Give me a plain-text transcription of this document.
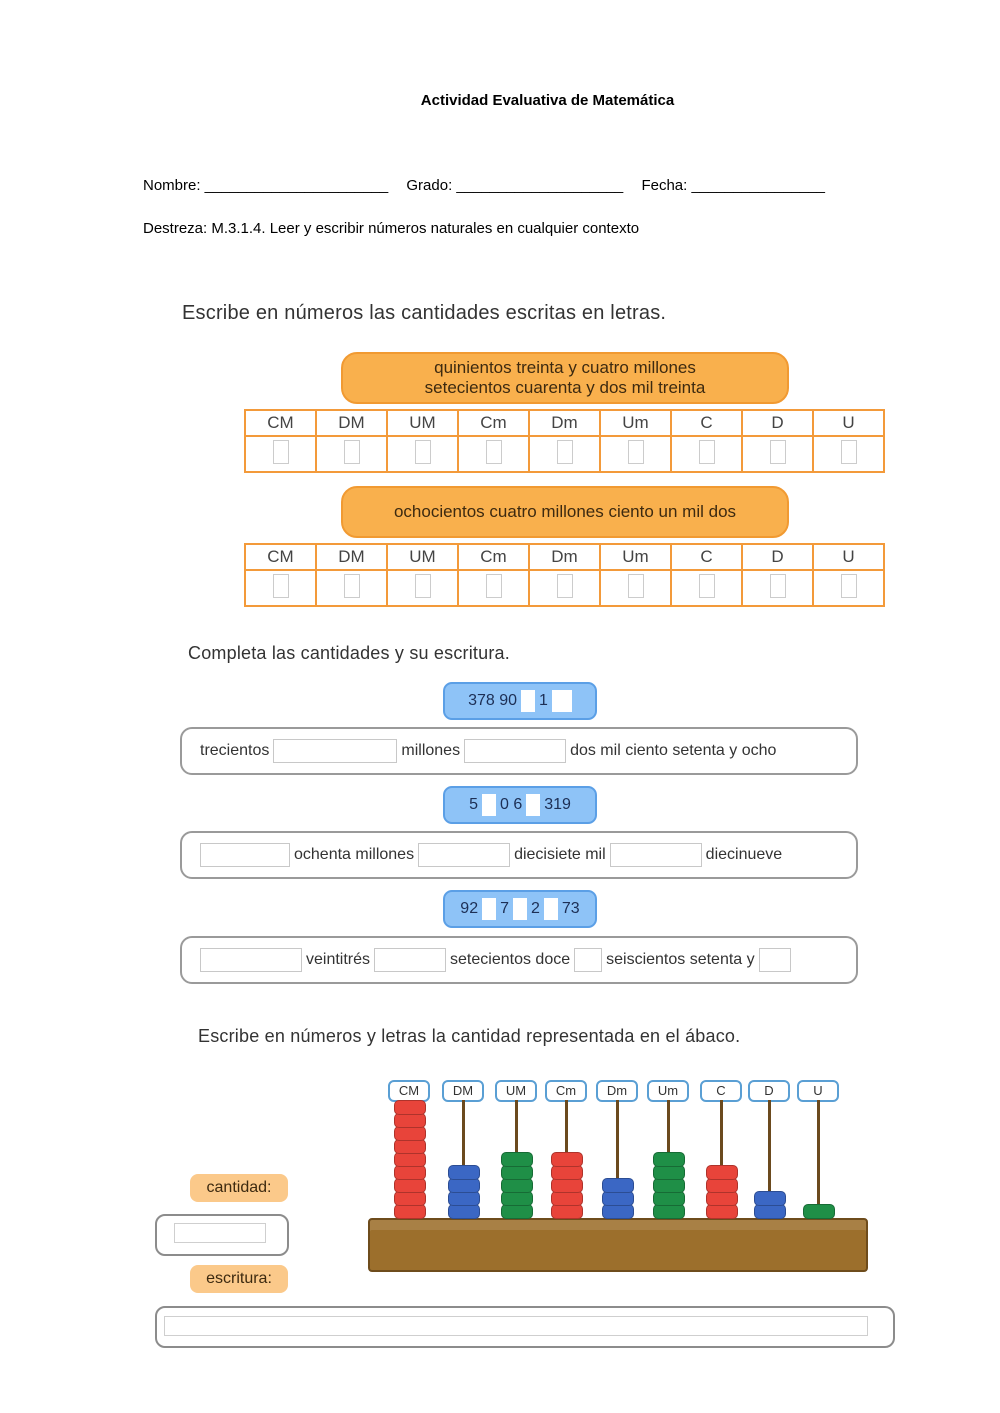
Actividad Evaluativa de Matemática
Nombre: ______________________ Grado: ____________________ Fecha: ________________
Destreza: M.3.1.4. Leer y escribir números naturales en cualquier contexto
Escribe en números las cantidades escritas en letras.
quinientos treinta y cuatro millones
setecientos cuarenta y dos mil treinta
CM	DM	UM	Cm	Dm	Um	C	D	U

ochocientos cuatro millones ciento un mil dos
CM	DM	UM	Cm	Dm	Um	C	D	U

Completa las cantidades y su escritura.
378 90 1
trecientos	millones	dos mil ciento setenta y ocho
5 0 6 319
ochenta millones	diecisiete mil	diecinueve
92 7 2 73
veintitrés	setecientos doce seiscientos setenta y
Escribe en números y letras la cantidad representada en el ábaco.
cantidad:
escritura:
CM	DM	UM	Cm	Dm	Um	C	D	U
